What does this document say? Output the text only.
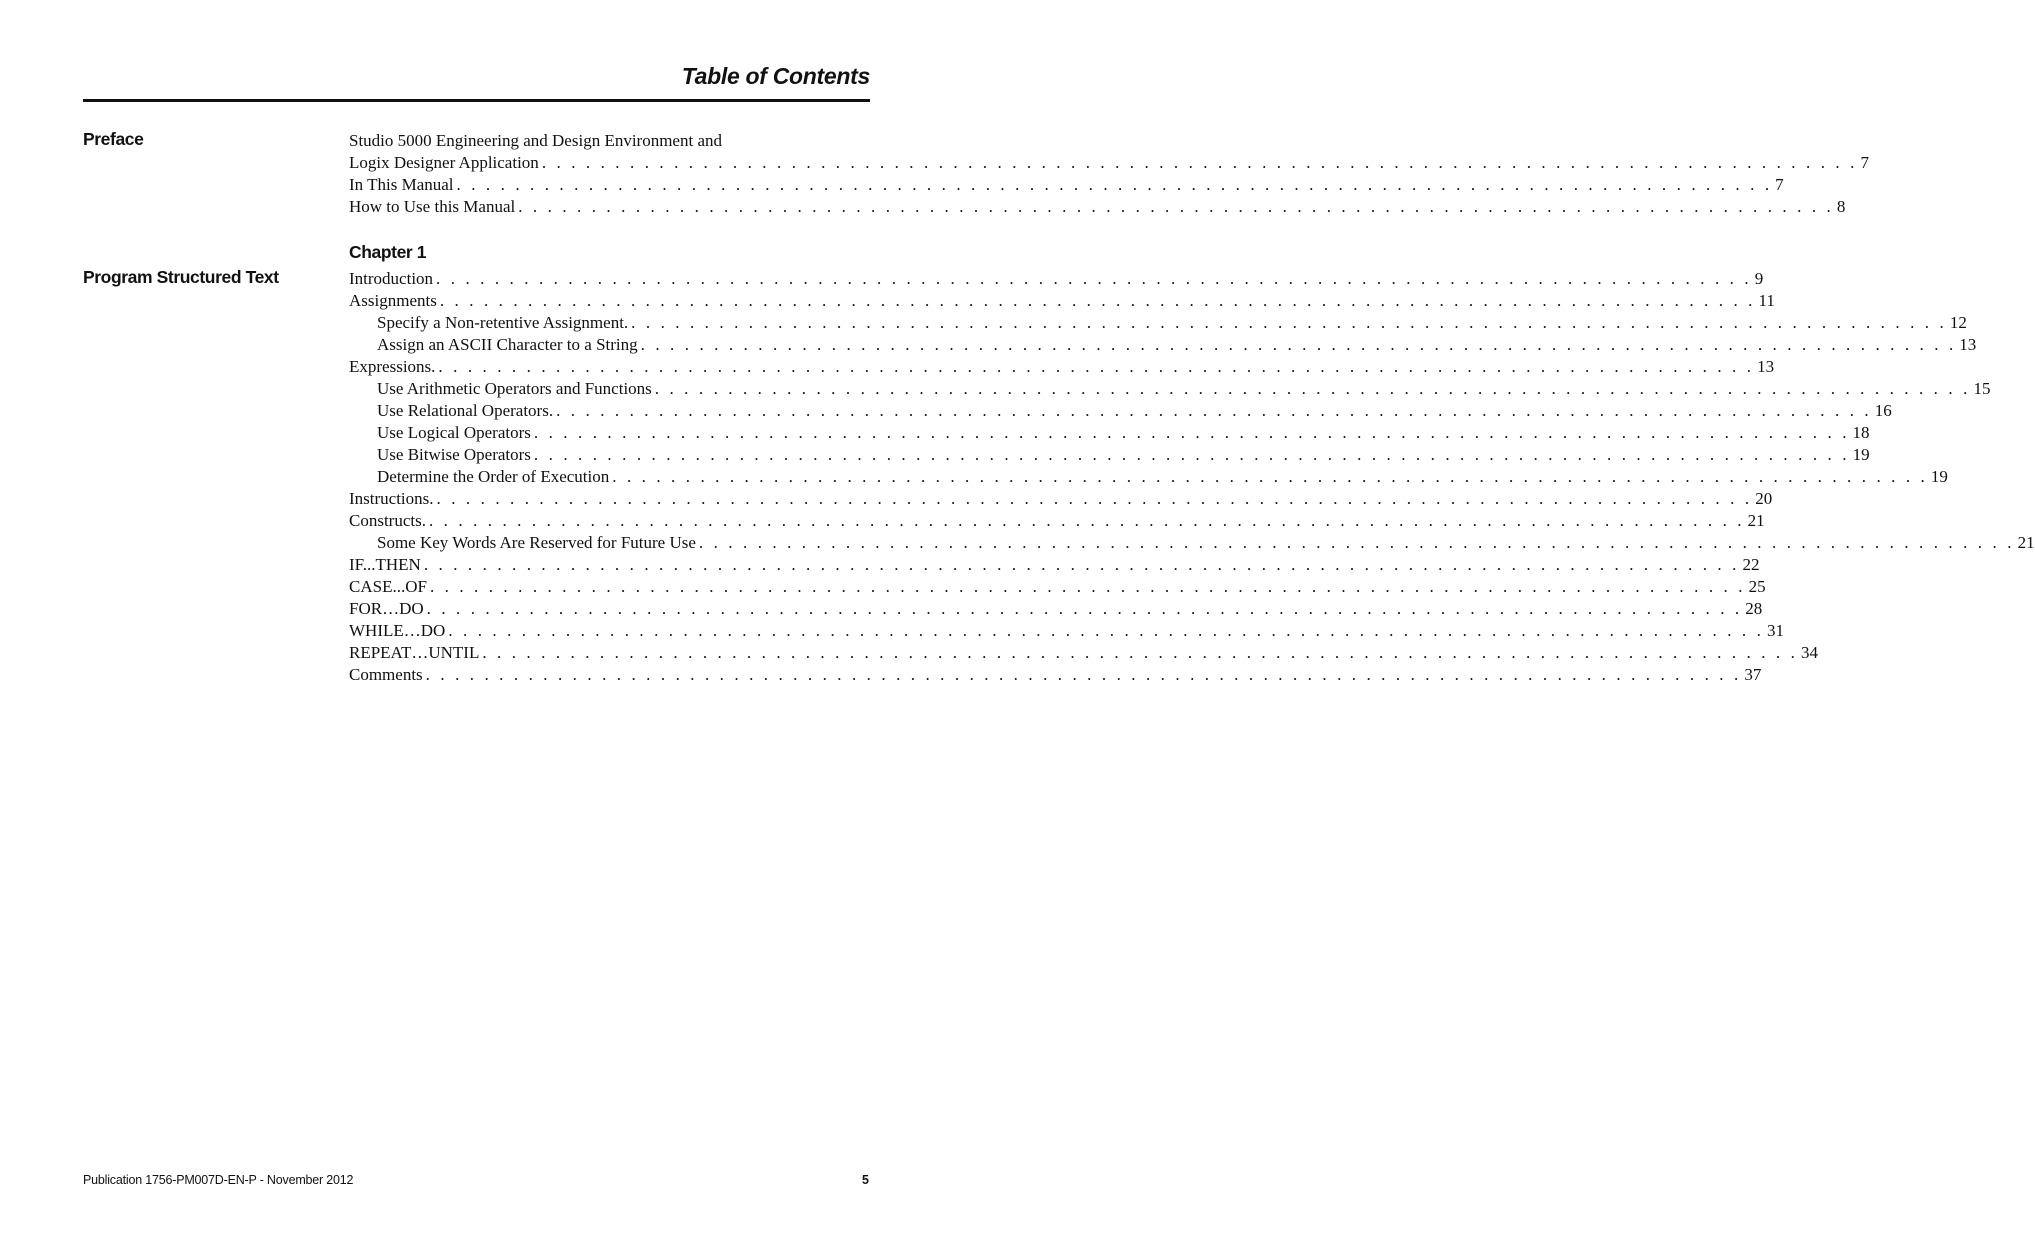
Table of Contents
Preface	Studio 5000 Engineering and Design Environment and
Logix Designer Application . . . . . . . . . . . . . . . . . . . . . . . . . . . . . . . . . . . . . . . . . . . . . . . . . . . . . . . . . . . . . . . . . . . . . . . . . . . . . . . . . . . . . . . . . . 7
In This Manual . . . . . . . . . . . . . . . . . . . . . . . . . . . . . . . . . . . . . . . . . . . . . . . . . . . . . . . . . . . . . . . . . . . . . . . . . . . . . . . . . . . . . . . . . . 7
How to Use this Manual . . . . . . . . . . . . . . . . . . . . . . . . . . . . . . . . . . . . . . . . . . . . . . . . . . . . . . . . . . . . . . . . . . . . . . . . . . . . . . . . . . . . . . . . . . 8
Chapter 1
Program Structured Text	Introduction . . . . . . . . . . . . . . . . . . . . . . . . . . . . . . . . . . . . . . . . . . . . . . . . . . . . . . . . . . . . . . . . . . . . . . . . . . . . . . . . . . . . . . . . . . 9
Assignments . . . . . . . . . . . . . . . . . . . . . . . . . . . . . . . . . . . . . . . . . . . . . . . . . . . . . . . . . . . . . . . . . . . . . . . . . . . . . . . . . . . . . . . . . . 11
Specify a Non-retentive Assignment. . . . . . . . . . . . . . . . . . . . . . . . . . . . . . . . . . . . . . . . . . . . . . . . . . . . . . . . . . . . . . . . . . . . . . . . . . . . . . . . . . . . . . . . . . . 12
Assign an ASCII Character to a String . . . . . . . . . . . . . . . . . . . . . . . . . . . . . . . . . . . . . . . . . . . . . . . . . . . . . . . . . . . . . . . . . . . . . . . . . . . . . . . . . . . . . . . . . . 13
Expressions. . . . . . . . . . . . . . . . . . . . . . . . . . . . . . . . . . . . . . . . . . . . . . . . . . . . . . . . . . . . . . . . . . . . . . . . . . . . . . . . . . . . . . . . . . . 13
Use Arithmetic Operators and Functions . . . . . . . . . . . . . . . . . . . . . . . . . . . . . . . . . . . . . . . . . . . . . . . . . . . . . . . . . . . . . . . . . . . . . . . . . . . . . . . . . . . . . . . . . . 15
Use Relational Operators. . . . . . . . . . . . . . . . . . . . . . . . . . . . . . . . . . . . . . . . . . . . . . . . . . . . . . . . . . . . . . . . . . . . . . . . . . . . . . . . . . . . . . . . . . . 16
Use Logical Operators . . . . . . . . . . . . . . . . . . . . . . . . . . . . . . . . . . . . . . . . . . . . . . . . . . . . . . . . . . . . . . . . . . . . . . . . . . . . . . . . . . . . . . . . . . 18
Use Bitwise Operators . . . . . . . . . . . . . . . . . . . . . . . . . . . . . . . . . . . . . . . . . . . . . . . . . . . . . . . . . . . . . . . . . . . . . . . . . . . . . . . . . . . . . . . . . . 19
Determine the Order of Execution . . . . . . . . . . . . . . . . . . . . . . . . . . . . . . . . . . . . . . . . . . . . . . . . . . . . . . . . . . . . . . . . . . . . . . . . . . . . . . . . . . . . . . . . . . 19
Instructions. . . . . . . . . . . . . . . . . . . . . . . . . . . . . . . . . . . . . . . . . . . . . . . . . . . . . . . . . . . . . . . . . . . . . . . . . . . . . . . . . . . . . . . . . . . 20
Constructs. . . . . . . . . . . . . . . . . . . . . . . . . . . . . . . . . . . . . . . . . . . . . . . . . . . . . . . . . . . . . . . . . . . . . . . . . . . . . . . . . . . . . . . . . . . 21
Some Key Words Are Reserved for Future Use . . . . . . . . . . . . . . . . . . . . . . . . . . . . . . . . . . . . . . . . . . . . . . . . . . . . . . . . . . . . . . . . . . . . . . . . . . . . . . . . . . . . . . . . . . 21
IF...THEN . . . . . . . . . . . . . . . . . . . . . . . . . . . . . . . . . . . . . . . . . . . . . . . . . . . . . . . . . . . . . . . . . . . . . . . . . . . . . . . . . . . . . . . . . . 22
CASE...OF . . . . . . . . . . . . . . . . . . . . . . . . . . . . . . . . . . . . . . . . . . . . . . . . . . . . . . . . . . . . . . . . . . . . . . . . . . . . . . . . . . . . . . . . . . 25
FOR…DO . . . . . . . . . . . . . . . . . . . . . . . . . . . . . . . . . . . . . . . . . . . . . . . . . . . . . . . . . . . . . . . . . . . . . . . . . . . . . . . . . . . . . . . . . . 28
WHILE…DO . . . . . . . . . . . . . . . . . . . . . . . . . . . . . . . . . . . . . . . . . . . . . . . . . . . . . . . . . . . . . . . . . . . . . . . . . . . . . . . . . . . . . . . . . . 31
REPEAT…UNTIL . . . . . . . . . . . . . . . . . . . . . . . . . . . . . . . . . . . . . . . . . . . . . . . . . . . . . . . . . . . . . . . . . . . . . . . . . . . . . . . . . . . . . . . . . . 34
Comments . . . . . . . . . . . . . . . . . . . . . . . . . . . . . . . . . . . . . . . . . . . . . . . . . . . . . . . . . . . . . . . . . . . . . . . . . . . . . . . . . . . . . . . . . . 37
Publication 1756-PM007D-EN-P - November 2012	5
